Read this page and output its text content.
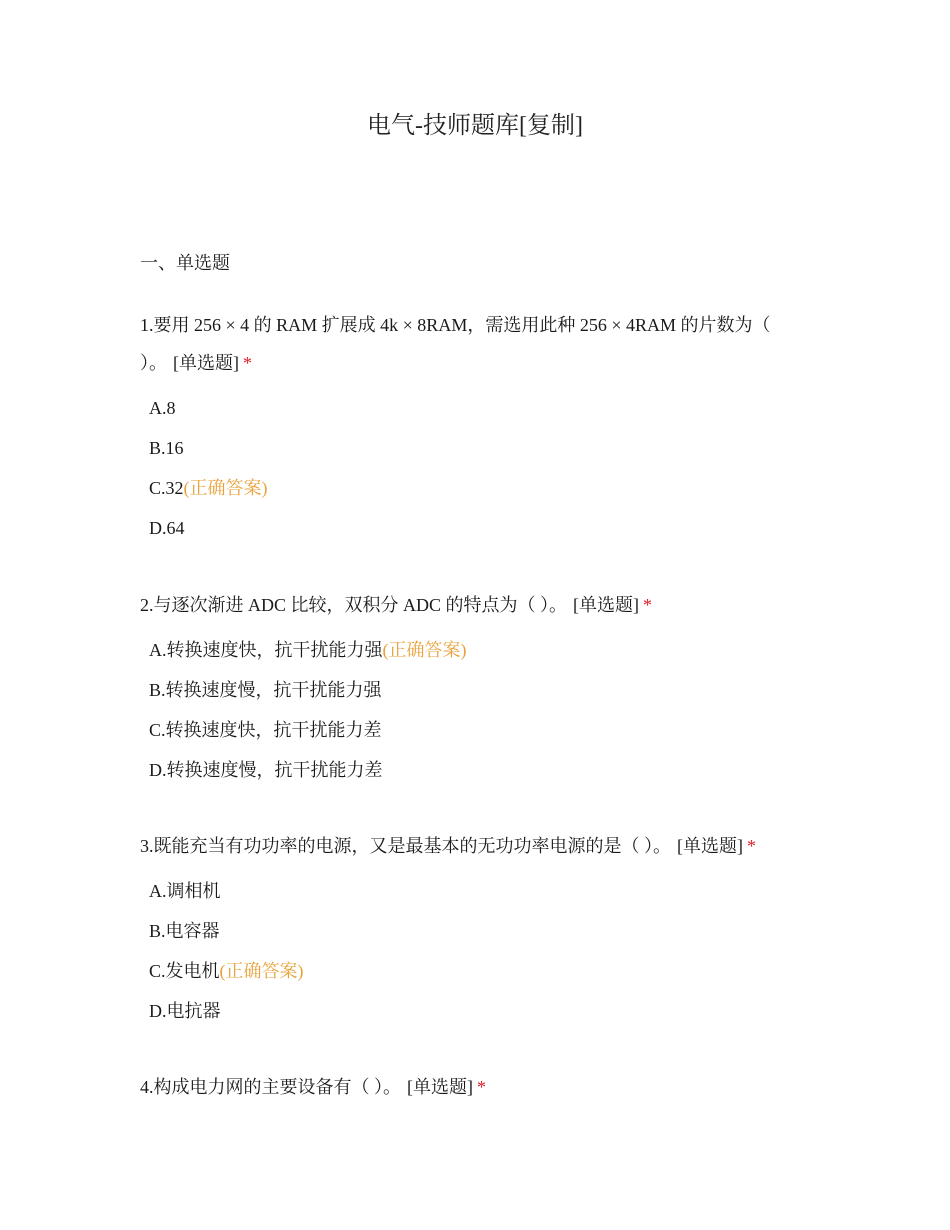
电气-技师题库[复制]
一、单选题

1.要用 256 × 4 的 RAM 扩展成 4k × 8RAM，需选用此种 256 × 4RAM 的片数为（ ）。 [单选题] *

A.8
B.16
C.32(正确答案)
D.64

2.与逐次渐进 ADC 比较，双积分 ADC 的特点为（ ）。 [单选题] *

A.转换速度快，抗干扰能力强(正确答案)
B.转换速度慢，抗干扰能力强
C.转换速度快，抗干扰能力差
D.转换速度慢，抗干扰能力差

3.既能充当有功功率的电源，又是最基本的无功功率电源的是（ ）。 [单选题] *

A.调相机
B.电容器
C.发电机(正确答案)
D.电抗器

4.构成电力网的主要设备有（ ）。 [单选题] *
